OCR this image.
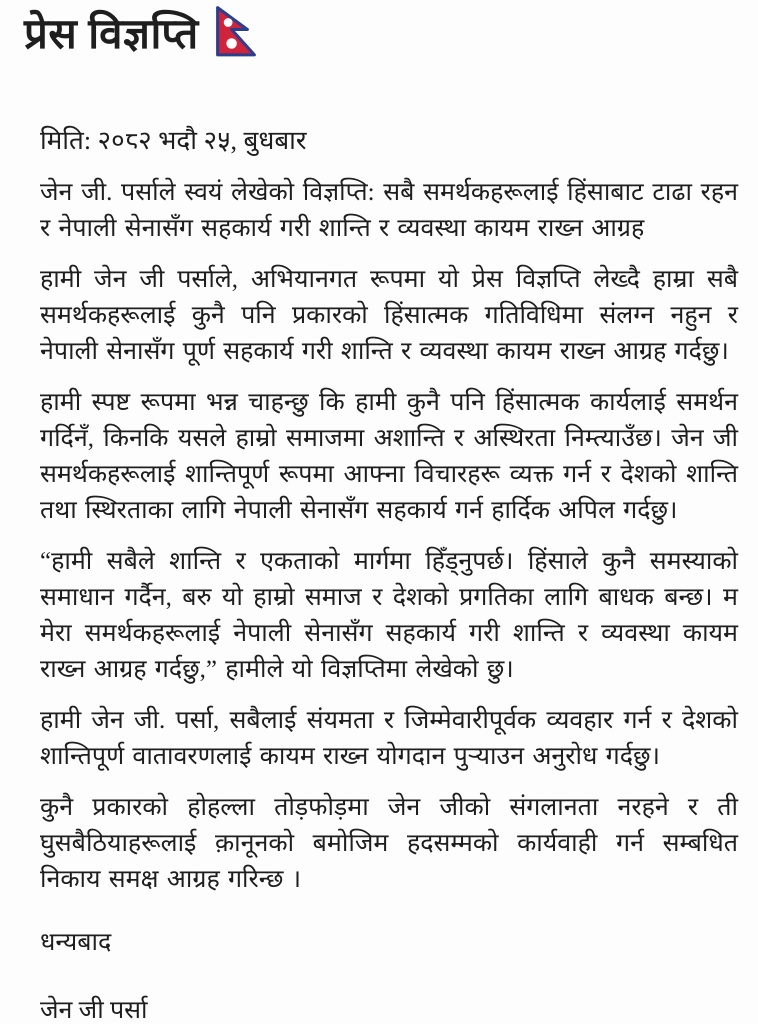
प्रेस विज्ञप्ति

मिति: २०८२ भदौ २५, बुधबार

जेन जी. पर्साले स्वयं लेखेको विज्ञप्ति: सबै समर्थकहरूलाई हिंसाबाट टाढा रहन र नेपाली सेनासँग सहकार्य गरी शान्ति र व्यवस्था कायम राख्न आग्रह

हामी जेन जी पर्साले, अभियानगत रूपमा यो प्रेस विज्ञप्ति लेख्दै हाम्रा सबै समर्थकहरूलाई कुनै पनि प्रकारको हिंसात्मक गतिविधिमा संलग्न नहुन र नेपाली सेनासँग पूर्ण सहकार्य गरी शान्ति र व्यवस्था कायम राख्न आग्रह गर्दछु।

हामी स्पष्ट रूपमा भन्न चाहन्छु कि हामी कुनै पनि हिंसात्मक कार्यलाई समर्थन गर्दिनँ, किनकि यसले हाम्रो समाजमा अशान्ति र अस्थिरता निम्त्याउँछ। जेन जी समर्थकहरूलाई शान्तिपूर्ण रूपमा आफ्ना विचारहरू व्यक्त गर्न र देशको शान्ति तथा स्थिरताका लागि नेपाली सेनासँग सहकार्य गर्न हार्दिक अपिल गर्दछु।

“हामी सबैले शान्ति र एकताको मार्गमा हिँड्नुपर्छ। हिंसाले कुनै समस्याको समाधान गर्दैन, बरु यो हाम्रो समाज र देशको प्रगतिका लागि बाधक बन्छ। म मेरा समर्थकहरूलाई नेपाली सेनासँग सहकार्य गरी शान्ति र व्यवस्था कायम राख्न आग्रह गर्दछु,” हामीले यो विज्ञप्तिमा लेखेको छु।

हामी जेन जी. पर्सा, सबैलाई संयमता र जिम्मेवारीपूर्वक व्यवहार गर्न र देशको शान्तिपूर्ण वातावरणलाई कायम राख्न योगदान पुर्‍याउन अनुरोध गर्दछु।

कुनै प्रकारको होहल्ला तोड़फोड़मा जेन जीको संगलानता नरहने र ती घुसबैठियाहरूलाई क़ानूनको बमोजिम हदसम्मको कार्यवाही गर्न सम्बधित निकाय समक्ष आग्रह गरिन्छ ।

धन्यबाद

जेन जी पर्सा
